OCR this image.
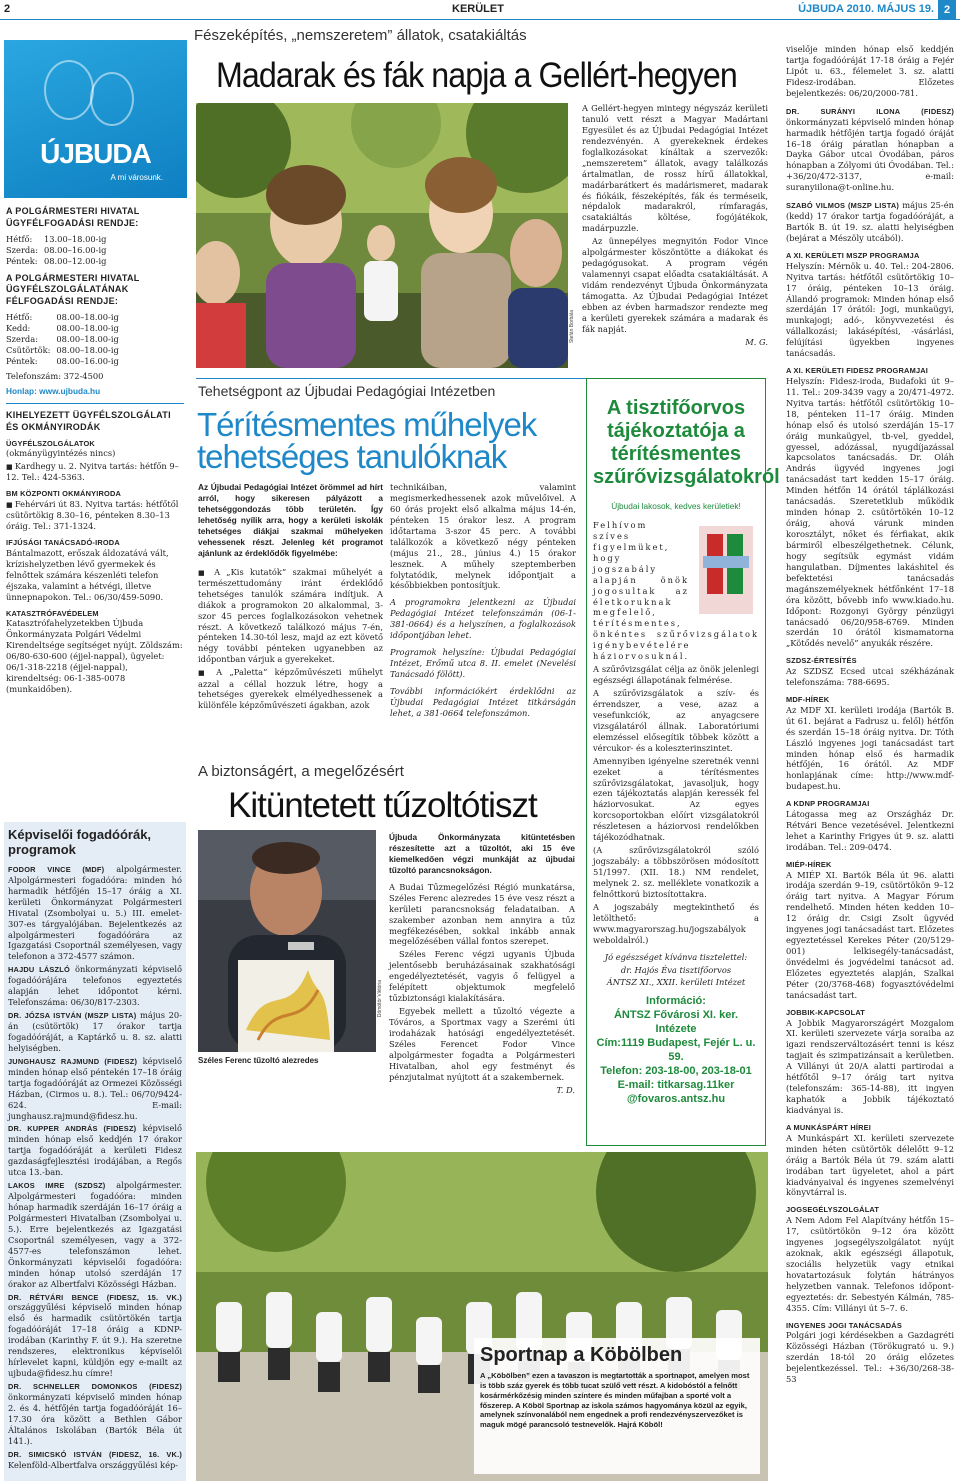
2	KERÜLET	ÚJBUDA 2010. MÁJUS 19. 2
ÚJBUDA
A mi városunk.
A POLGÁRMESTERI HIVATAL ÜGYFÉLFOGADÁSI RENDJE:
Hétfő:	13.00–18.00-ig
Szerda:	08.00–16.00-ig
Péntek:	08.00–12.00-ig
A POLGÁRMESTERI HIVATAL ÜGYFÉLSZOLGÁLATÁNAK FÉLFOGADÁSI RENDJE:
Hétfő:	08.00–18.00-ig
Kedd:	08.00–18.00-ig
Szerda:	08.00–18.00-ig
Csütörtök:	08.00–18.00-ig
Péntek:	08.00–16.00-ig

Telefonszám: 372-4500

Honlap: www.ujbuda.hu

KIHELYEZETT ÜGYFÉLSZOLGÁLATI ÉS OKMÁNYIRODÁK
ÜGYFÉLSZOLGÁLATOK

(okmányügyintézés nincs)

■ Kardhegy u. 2. Nyitva tartás: hétfőn 9–12. Tel.: 424-5363.

BM KÖZPONTI OKMÁNYIRODA

■ Fehérvári út 83. Nyitva tartás: hétfőtől csütörtökig 8.30–16, pénteken 8.30–13 óráig. Tel.: 371-1324.

IFJÚSÁGI TANÁCSADÓ-IRODA

Bántalmazott, erőszak áldozatává vált, krízishelyzetben lévő gyermekek és felnőttek számára készenléti telefon éjszaka, valamint a hétvégi, illetve ünnepnapokon. Tel.: 06/30/459-5090.

KATASZTRÓFAVÉDELEM

Katasztrófahelyzetekben Újbuda Önkormányzata Polgári Védelmi Kirendeltsége segítséget nyújt. Zöldszám: 06/80-630-600 (éjjel-nappal), ügyelet: 06/1-318-2218 (éjjel-nappal), kirendeltség: 06-1-385-0078 (munkaidőben).

Képviselői fogadóórák, programok

FODOR VINCE (MDF) alpolgármester. Alpolgármesteri fogadóóra: minden hó harmadik hétfőjén 15–17 óráig a XI. kerületi Önkormányzat Polgármesteri Hivatal (Zsombolyai u. 5.) III. emelet- 307-es tárgyalójában. Bejelentkezés az alpolgármesteri fogadóórára az Igazgatási Csoportnál személyesen, vagy telefonon a 372-4577 számon.

HAJDU LÁSZLÓ önkormányzati képviselő fogadóórájára telefonos egyeztetés alapján lehet időpontot kérni. Telefonszáma: 06/30/817-2303.

DR. JÓZSA ISTVÁN (MSZP LISTA) május 20-án (csütörtök) 17 órakor tartja fogadóóráját, a Kaptárkő u. 8. sz. alatti helyiségben.

JUNGHAUSZ RAJMUND (FIDESZ) képviselő minden hónap első péntekén 17–18 óráig tartja fogadóóráját az Ormezei Közösségi Házban, (Cirmos u. 8.). Tel.: 06/70/9424-624. E-mail: junghausz.rajmund@fidesz.hu.

DR. KUPPER ANDRÁS (FIDESZ) képviselő minden hónap első keddjén 17 órakor tartja fogadóóráját a kerületi Fidesz gazdaságfejlesztési irodájában, a Regős utca 13.-ban.

LAKOS IMRE (SZDSZ) alpolgármester. Alpolgármesteri fogadóóra: minden hónap harmadik szerdáján 16–17 óráig a Polgármesteri Hivatalban (Zsombolyai u. 5.). Erre bejelentkezés az Igazgatási Csoportnál személyesen, vagy a 372-4577-es telefonszámon lehet. Önkormányzati képviselői fogadóóra: minden hónap utolsó szerdáján 17 órakor az Albertfalvi Közösségi Házban.

DR. RÉTVÁRI BENCE (FIDESZ, 15. VK.) országgyűlési képviselő minden hónap első és harmadik csütörtökén tartja fogadóóráját 17–18 óráig a KDNP-irodában (Karinthy F. út 9.). Ha szeretne rendszeres, elektronikus képviselői hírlevelet kapni, küldjön egy e-mailt az ujbuda@fidesz.hu címre!

DR. SCHNELLER DOMONKOS (FIDESZ) önkormányzati képviselő minden hónap 2. és 4. hétfőjén tartja fogadóóráját 16–17.30 óra között a Bethlen Gábor Általános Iskolában (Bartók Béla út 141.).

DR. SIMICSKÓ ISTVÁN (FIDESZ, 16. VK.) Kelenföld-Albertfalva országgyűlési kép-

Fészeképítés, „nemszeretem” állatok, csatakiáltás
Madarak és fák napja a Gellért-hegyen
Stefán Borbála

A Gellért-hegyen mintegy négyszáz kerületi tanuló vett részt a Magyar Madártani Egyesület és az Újbudai Pedagógiai Intézet rendezvényén. A gyerekeknek érdekes foglalkozásokat kínáltak a szervezők: „nemszeretem” állatok, avagy találkozás ártalmatlan, de rossz hírű állatokkal, madárbarátkert és madárismeret, madarak és fiókáik, fészeképítés, fák és terméseik, népdalok madarakról, rímfaragás, csatakiáltás költése, fogójátékok, madárpuzzle.

Az ünnepélyes megnyitón Fodor Vince alpolgármester köszöntötte a diákokat és pedagógusokat. A program végén valamennyi csapat előadta csatakiáltását. A vidám rendezvényt Újbuda Önkormányzata támogatta. Az Újbudai Pedagógiai Intézet ebben az évben harmadszor rendezte meg a kerületi gyerekek számára a madarak és fák napját.

M. G.

Tehetségpont az Újbudai Pedagógiai Intézetben
Térítésmentes műhelyek
tehetséges tanulóknak

Az Újbudai Pedagógiai Intézet örömmel ad hírt arról, hogy sikeresen pályázott a tehetséggondozás több területén. Így lehetőség nyílik arra, hogy a kerületi iskolák tehetséges diákjai szakmai műhelyeken vehessenek részt. Jelenleg két programot ajánlunk az érdeklődők figyelmébe:

■ A „Kis kutatók” szakmai műhelyét a természettudomány iránt érdeklődő tehetséges tanulók számára indítjuk. A diákok a programokon 20 alkalommal, 3-szor 45 perces foglalkozásokon vehetnek részt. A következő találkozó május 7-én, pénteken 14.30-tól lesz, majd az ezt követő négy további pénteken ugyanebben az időpontban várjuk a gyerekeket.

■ A „Paletta” képzőművészeti műhelyt azzal a céllal hozzuk létre, hogy a tehetséges gyerekek elmélyedhessenek a különféle képzőművészeti ágakban, azok

technikáiban, valamint megismerkedhessenek azok művelőivel. A 60 órás projekt első alkalma május 14-én, pénteken 15 órakor lesz. A program időtartama 3-szor 45 perc. A további találkozók a következő négy pénteken (május 21., 28., június 4.) 15 órakor lesznek. A műhely szeptemberben folytatódik, melynek időpontjait a későbbiekben pontosítjuk.

A programokra jelentkezni az Újbudai Pedagógiai Intézet telefonszámán (06-1-381-0664) és a helyszínen, a foglalkozások időpontjában lehet.

Programok helyszíne: Újbudai Pedagógiai Intézet, Erőmű utca 8. II. emelet (Nevelési Tanácsadó fölött).

További információkért érdeklődni az Újbudai Pedagógiai Intézet titkárságán lehet, a 381-0664 telefonszámon.

A biztonságért, a megelőzésért
Kitüntetett tűzoltótiszt
Dömötör Viktória
Széles Ferenc tűzoltó alezredes

Újbuda Önkormányzata kitüntetésben részesítette azt a tűzoltót, aki 15 éve kiemelkedően végzi munkáját az újbudai tűzoltó parancsnokságon.

A Budai Tűzmegelőzési Régió munkatársa, Széles Ferenc alezredes 15 éve vesz részt a kerületi parancsnokság feladataiban. A szakember azonban nem annyira a tűz megfékezésében, sokkal inkább annak megelőzésében vállal fontos szerepet.

Széles Ferenc végzi ugyanis Újbuda jelentősebb beruházásainak szakhatósági engedélyeztetését, vagyis ő felügyel a felépített objektumok megfelelő tűzbiztonsági kialakítására.

Egyebek mellett a tűzoltó végezte a Tóváros, a Sportmax vagy a Szerémi úti irodaházak hatósági engedélyeztetését. Széles Ferencet Fodor Vince alpolgármester fogadta a Polgármesteri Hivatalban, ahol egy festményt és pénzjutalmat nyújtott át a szakembernek.

T. D.

A tisztifőorvos tájékoztatója a térítésmentes szűrővizsgálatokról

Újbudai lakosok, kedves kerületiek!

Felhívom szíves figyelmüket, hogy jogszabály alapján önök jogosultak az életkoruknak megfelelő, térítésmentes, önkéntes szűrővizsgálatok igénybevételére háziorvosuknál.

A szűrővizsgálat célja az önök jelenlegi egészségi állapotának felmérése.

A szűrővizsgálatok a szív- és érrendszer, a vese, azaz a vesefunkciók, az anyagcsere vizsgálatáról állnak. Laboratóriumi elemzéssel elősegítik többek között a vércukor- és a koleszterinszintet.

Amennyiben igényelne szeretnék venni ezeket a térítésmentes szűrővizsgálatokat, javasoljuk, hogy ezen tájékoztatás alapján keressék fel háziorvosukat. Az egyes korcsoportokban előírt vizsgálatokról részletesen a háziorvosi rendelőkben tájékozódhatnak.

(A szűrővizsgálatokról szóló jogszabály: a többszörösen módosított 51/1997. (XII. 18.) NM rendelet, melynek 2. sz. melléklete vonatkozik a felnőttkorú biztosítottakra.

A jogszabály megtekinthető és letölthető: a www.magyarorszag.hu/jogszabályok weboldalról.)

Jó egészséget kívánva tisztelettel:

dr. Hajós Éva tisztifőorvos

ÁNTSZ XI., XXII. kerületi Intézet

Információ:
ÁNTSZ Fővárosi XI. ker. Intézete
Cím:1119 Budapest, Fejér L. u. 59.
Telefon: 203-18-00, 203-18-01
E-mail: titkarsag.11ker
@fovaros.antsz.hu
Sportnap a Köbölben

A „Köbölben” ezen a tavaszon is megtartották a sportnapot, amelyen most is több száz gyerek és több tucat szülő vett részt. A kidobóstól a felnőtt kosármérkőzésig minden színtere és minden műfajban a sporté volt a főszerep. A Köböl Sportnap az iskola számos hagyománya közül az egyik, amelynek színvonalából nem engednek a profi rendezvényszervezőket is maguk mögé parancsoló testnevelők. Hajrá Köböl!

viselője minden hónap első keddjén tartja fogadóóráját 17-18 óráig a Fejér Lipót u. 63., félemelet 3. sz. alatti Fidesz-irodában. Előzetes bejelentkezés: 06/20/2000-781.

DR. SURÁNYI ILONA (FIDESZ) önkormányzati képviselő minden hónap harmadik hétfőjén tartja fogadó óráját 16–18 óráig páratlan hónapban a Dayka Gábor utcai Óvodában, páros hónapban a Zólyomi úti Óvodában. Tel.: +36/20/472-3137, e-mail: suranyiilona@t-online.hu.

SZABÓ VILMOS (MSZP LISTA) május 25-én (kedd) 17 órakor tartja fogadóóráját, a Bartók B. út 19. sz. alatti helyiségben (bejárat a Mészöly utcából).

A XI. KERÜLETI MSZP PROGRAMJA

Helyszín: Mérnök u. 40. Tel.: 204-2806. Nyitva tartás: hétfőtől csütörtökig 10–17 óráig, pénteken 10–13 óráig. Állandó programok: Minden hónap első szerdáján 17 órától: Jogi, munkaügyi, munkajogi; adó-, könyvvezetési és vállalkozási; lakásépítési, -vásárlási, felújítási ügyekben ingyenes tanácsadás.

A XI. KERÜLETI FIDESZ PROGRAMJAI

Helyszín: Fidesz-iroda, Budafoki út 9–11. Tel.: 209-3439 vagy a 20/471-4972. Nyitva tartás: hétfőtől csütörtökig 10–18, pénteken 11–17 óráig. Minden hónap első és utolsó szerdáján 15–17 óráig munkaügyel, tb-vel, gyeddel, gyessel, adózással, nyugdíjazással kapcsolatos tanácsadás. Dr. Oláh András ügyvéd ingyenes jogi tanácsadást tart kedden 15–17 óráig. Minden hétfőn 14 órától táplálkozási tanácsadás. Szeretetklub működik minden hónap 2. csütörtökén 10–12 óráig, ahová várunk minden korosztályt, nőket és férfiakat, akik bármiről elbeszélgethetnek. Célunk, hogy segítsük egymást vidám hangulatban. Díjmentes lakáshitel és befektetési tanácsadás magánszemélyeknek hétfőnként 17–18 óra között, bővebb info www.kiado.hu. Időpont: Rozgonyi György pénzügyi tanácsadó 06/20/958-6769. Minden szerdán 10 órától kismamatorna „Kötődés nevelő” anyukák részére.

SZDSZ-ÉRTESÍTÉS

Az SZDSZ Ecsed utcai székházának telefonszáma: 788-6695.

MDF-HÍREK

Az MDF XI. kerületi irodája (Bartók B. út 61. bejárat a Fadrusz u. felől) hétfőn és szerdán 15–18 óráig nyitva. Dr. Tóth László ingyenes jogi tanácsadást tart minden hónap első és harmadik hétfőjén, 16 órától. Az MDF honlapjának címe: http://www.mdf-budapest.hu.

A KDNP PROGRAMJAI

Látogassa meg az Országház Dr. Rétvári Bence vezetésével. Jelentkezni lehet a Karinthy Frigyes út 9. sz. alatti irodában. Tel.: 209-0474.

MIÉP-HÍREK

A MIÉP XI. Bartók Béla út 96. alatti irodája szerdán 9–19, csütörtökön 9–12 óráig tart nyitva. A Magyar Fórum rendelhető. Minden héten kedden 10–12 óráig dr. Csigi Zsolt ügyvéd ingyenes jogi tanácsadást tart. Előzetes egyeztetéssel Kerekes Péter (20/5129-001) lelkisegély-tanácsadást, önvédelmi és jogvédelmi tanácsot ad. Előzetes egyeztetés alapján, Szalkai Péter (20/3768-468) fogyasztóvédelmi tanácsadást tart.

JOBBIK-KAPCSOLAT

A Jobbik Magyarországért Mozgalom XI. kerületi szervezete várja soraiba az igazi rendszerváltozásért tenni is kész tagjait és szimpatizánsait a kerületben. A Villányi út 20/A alatti partirodai a hétfőtől 9–17 óráig tart nyitva (telefonszám: 365-14-88), itt ingyen kaphatók a Jobbik tájékoztató kiadványai is.

A MUNKÁSPÁRT HÍREI

A Munkáspárt XI. kerületi szervezete minden héten csütörtök délelőtt 9–12 óráig a Bartók Béla út 79. szám alatti irodában tart ügyeletet, ahol a párt kiadványaival és ingyenes szemelvényi könyvtárral is.

JOGSEGÉLYSZOLGÁLAT

A Nem Adom Fel Alapítvány hétfőn 15–17, csütörtökön 9–12 óra között ingyenes jogsegélyszolgálatot nyújt azoknak, akik egészségi állapotuk, szociális helyzetük vagy etnikai hovatartozásuk folytán hátrányos helyzetben vannak. Telefonos időpont-egyeztetés: dr. Sebestyén Kálmán, 785-4355. Cím: Villányi út 5–7. 6.

INGYENES JOGI TANÁCSADÁS

Polgári jogi kérdésekben a Gazdagréti Közösségi Házban (Törökugrató u. 9.) szerdán 18-tól 20 óráig előzetes bejelentkezéssel. Tel.: +36/30/268-38-53
